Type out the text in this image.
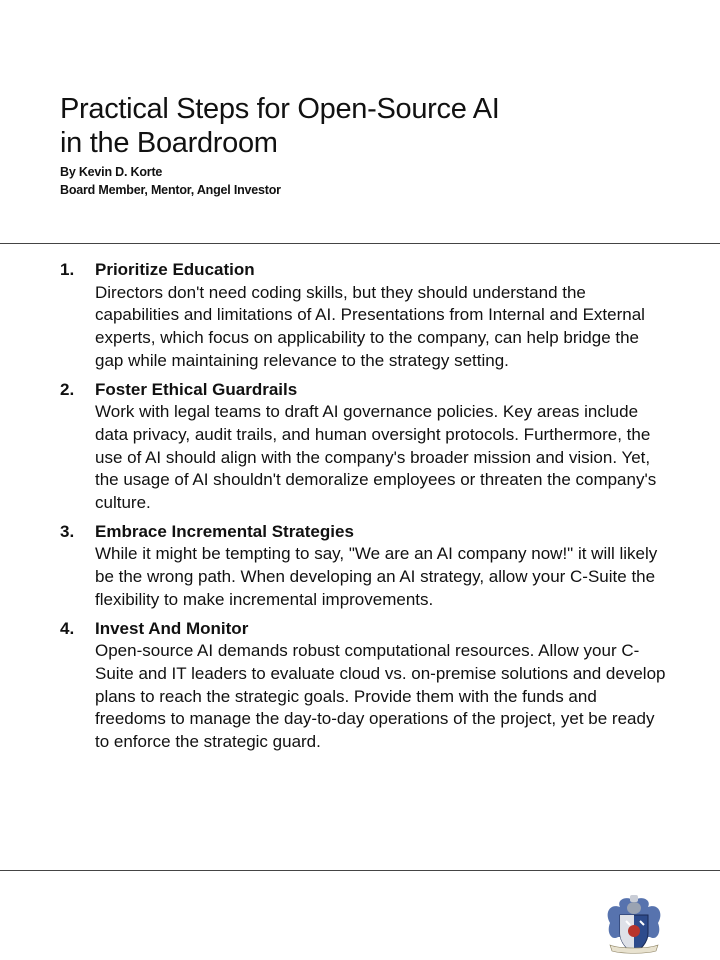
Practical Steps for Open-Source AI
in the Boardroom
By Kevin D. Korte
Board Member, Mentor, Angel Investor
1.	Prioritize Education
Directors don't need coding skills, but they should understand the capabilities and limitations of AI. Presentations from Internal and External experts, which focus on applicability to the company, can help bridge the gap while maintaining relevance to the strategy setting.
2.	Foster Ethical Guardrails
Work with legal teams to draft AI governance policies. Key areas include data privacy, audit trails, and human oversight protocols. Furthermore, the use of AI should align with the company's broader mission and vision. Yet, the usage of AI shouldn't demoralize employees or threaten the company's culture.
3.	Embrace Incremental Strategies
While it might be tempting to say, "We are an AI company now!" it will likely be the wrong path. When developing an AI strategy, allow your C-Suite the flexibility to make incremental improvements.
4.	Invest And Monitor
Open-source AI demands robust computational resources. Allow your C-Suite and IT leaders to evaluate cloud vs. on-premise solutions and develop plans to reach the strategic goals. Provide them with the funds and freedoms to manage the day-to-day operations of the project, yet be ready to enforce the strategic guard.
